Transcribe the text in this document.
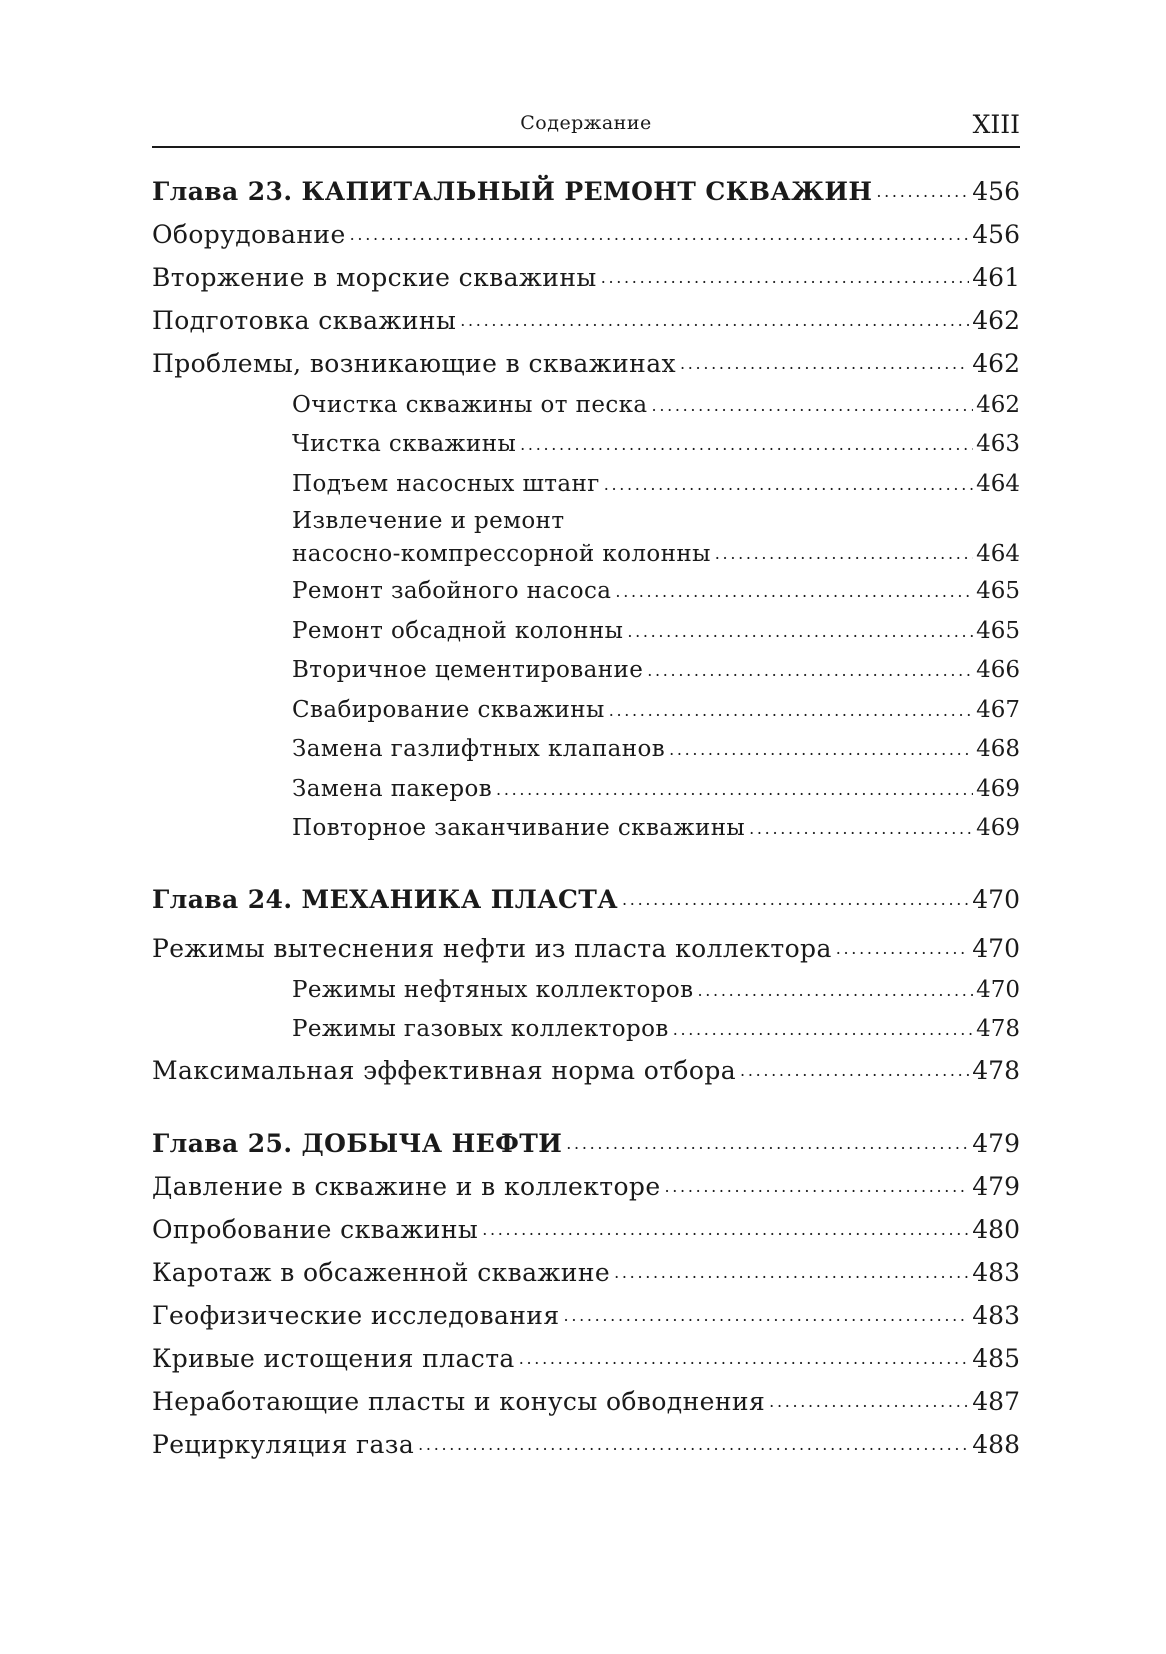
Содержание	XIII
Глава 23. КАПИТАЛЬНЫЙ РЕМОНТ СКВАЖИН . . .	456
Оборудование . . .	456
Вторжение в морские скважины . . .	461
Подготовка скважины . . .	462
Проблемы, возникающие в скважинах . . .	462
Очистка скважины от песка . . .	462
Чистка скважины . . .	463
Подъем насосных штанг . . .	464
Извлечение и ремонт
насосно-компрессорной колонны . . .	464
Ремонт забойного насоса . . .	465
Ремонт обсадной колонны . . .	465
Вторичное цементирование . . .	466
Свабирование скважины . . .	467
Замена газлифтных клапанов . . .	468
Замена пакеров . . .	469
Повторное заканчивание скважины . . .	469
Глава 24. МЕХАНИКА ПЛАСТА . . .	470
Режимы вытеснения нефти из пласта коллектора . . .	470
Режимы нефтяных коллекторов . . .	470
Режимы газовых коллекторов . . .	478
Максимальная эффективная норма отбора . . .	478
Глава 25. ДОБЫЧА НЕФТИ . . .	479
Давление в скважине и в коллекторе . . .	479
Опробование скважины . . .	480
Каротаж в обсаженной скважине . . .	483
Геофизические исследования . . .	483
Кривые истощения пласта . . .	485
Неработающие пласты и конусы обводнения . . .	487
Рециркуляция газа . . .	488
